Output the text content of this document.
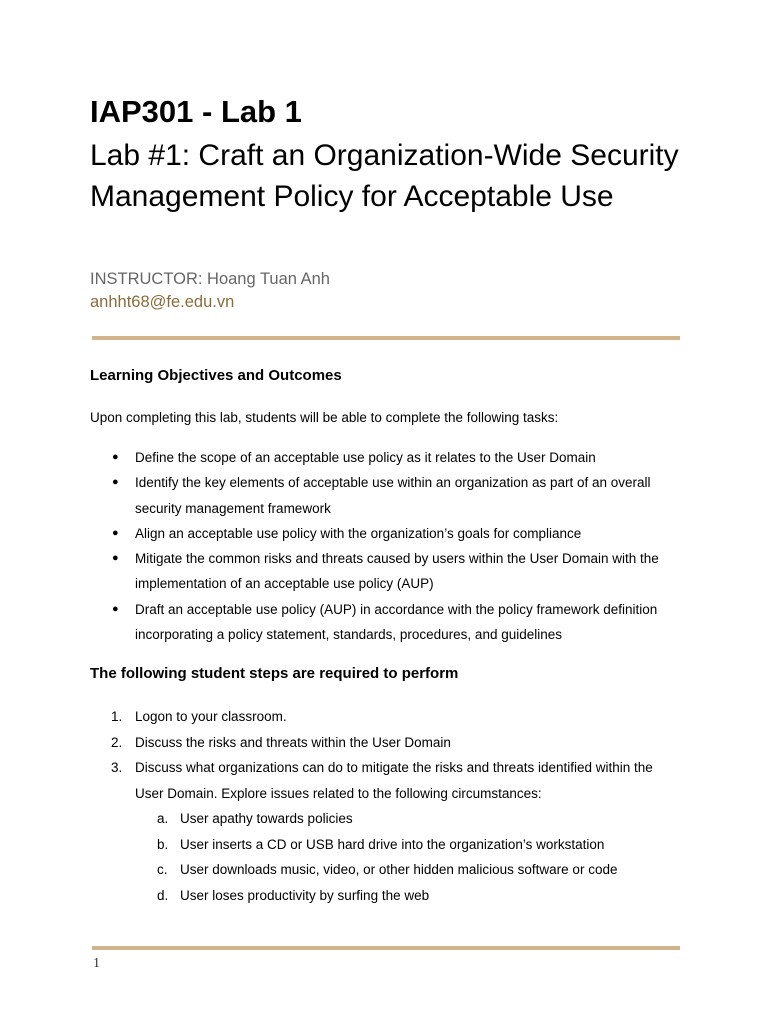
IAP301 - Lab 1
Lab #1: Craft an Organization-Wide Security Management Policy for Acceptable Use
INSTRUCTOR: Hoang Tuan Anh
anhht68@fe.edu.vn
Learning Objectives and Outcomes

Upon completing this lab, students will be able to complete the following tasks:

● Define the scope of an acceptable use policy as it relates to the User Domain
● Identify the key elements of acceptable use within an organization as part of an overall security management framework
● Align an acceptable use policy with the organization’s goals for compliance
● Mitigate the common risks and threats caused by users within the User Domain with the implementation of an acceptable use policy (AUP)
● Draft an acceptable use policy (AUP) in accordance with the policy framework definition incorporating a policy statement, standards, procedures, and guidelines
The following student steps are required to perform
1. Logon to your classroom.
2. Discuss the risks and threats within the User Domain
3. Discuss what organizations can do to mitigate the risks and threats identified within the User Domain. Explore issues related to the following circumstances:
a. User apathy towards policies
b. User inserts a CD or USB hard drive into the organization’s workstation
c. User downloads music, video, or other hidden malicious software or code
d. User loses productivity by surfing the web
1
